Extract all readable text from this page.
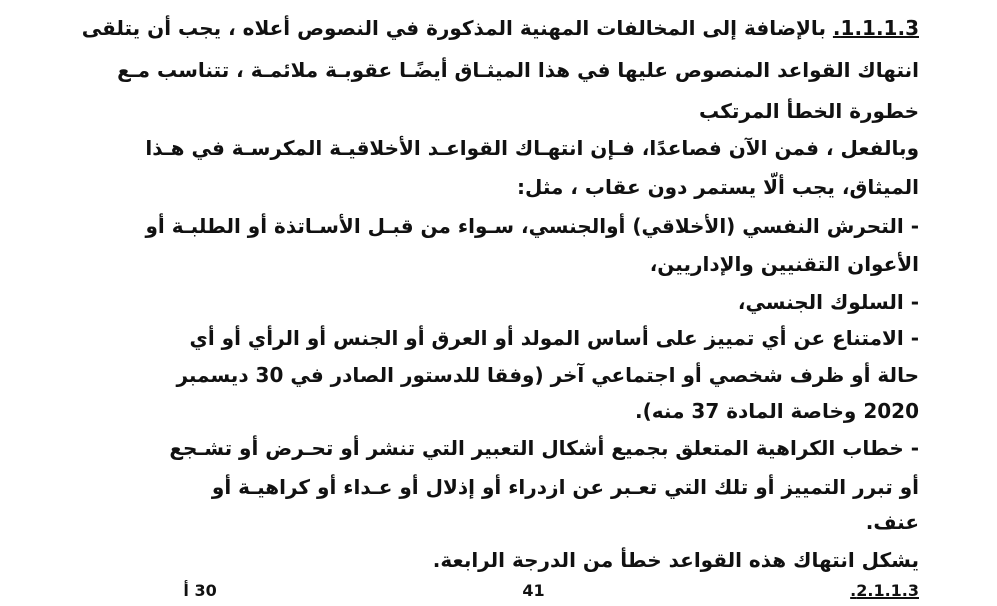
1.1.1.3. بالإضافة إلى المخالفات المهنية المذكورة في النصوص أعلاه ، يجب أن يتلقى
انتهاك القواعد المنصوص عليها في هذا الميثـاق أيضًـا عقوبـة ملائمـة ، تتناسب مـع
خطورة الخطأ المرتكب
وبالفعل ، فمن الآن فصاعدًا، فـإن انتهـاك القواعـد الأخلاقيـة المكرسـة في هـذا
الميثاق، يجب ألّا يستمر دون عقاب ، مثل:
- التحرش النفسي (الأخلاقي) أوالجنسي، سـواء من قبـل الأسـاتذة أو الطلبـة أو
الأعوان التقنيين والإداريين،
- السلوك الجنسي،
- الامتناع عن أي تمييز على أساس المولد أو العرق أو الجنس أو الرأي أو أي
حالة أو ظرف شخصي أو اجتماعي آخر (وفقا للدستور الصادر في 30 ديسمبر
2020 وخاصة المادة 37 منه).
- خطاب الكراهية المتعلق بجميع أشكال التعبير التي تنشر أو تحـرض أو تشـجع
أو تبرر التمييز أو تلك التي تعـبر عن ازدراء أو إذلال أو عـداء أو كراهيـة أو
عنف.
يشكل انتهاك هذه القواعد خطأ من الدرجة الرابعة.
2.1.1.3. 41 30 أ
